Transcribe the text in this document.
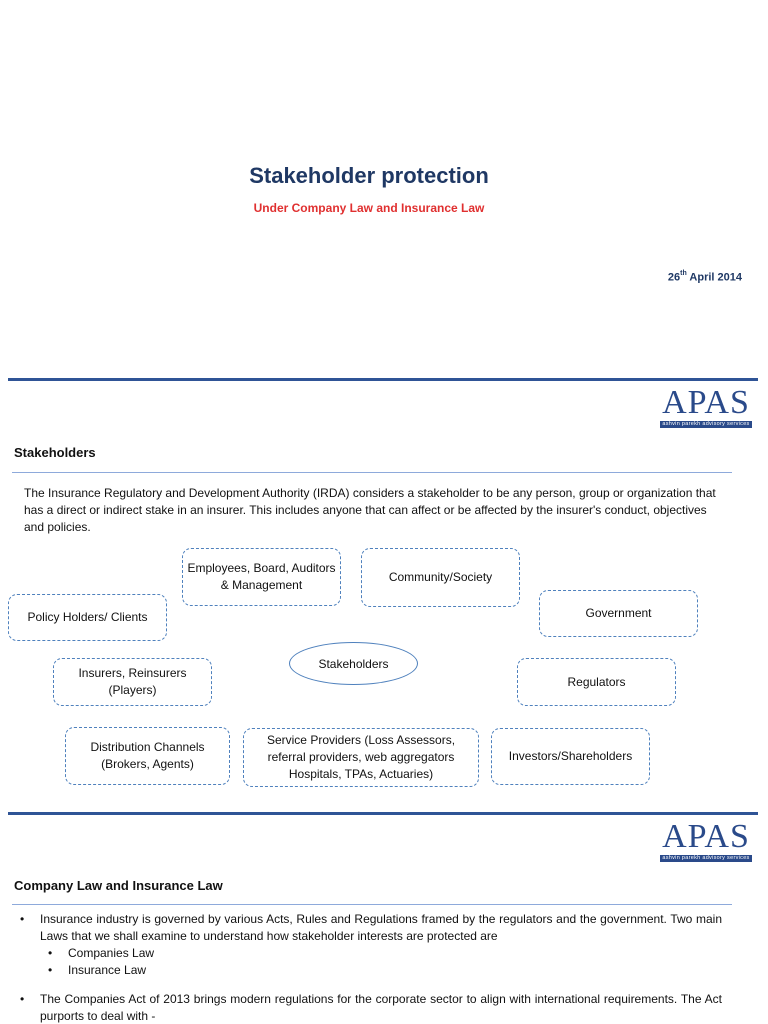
Stakeholder protection
Under Company Law and Insurance Law
26th April 2014
APAS
ashvin parekh advisory services
Stakeholders
The Insurance Regulatory and Development Authority (IRDA) considers a stakeholder to be any person, group or organization that has a direct or indirect stake in an insurer. This includes anyone that can affect or be affected by the insurer's conduct, objectives and policies.
Employees, Board, Auditors & Management
Community/Society
Policy Holders/ Clients	Government
Stakeholders
Insurers, Reinsurers (Players)
Regulators
Distribution Channels (Brokers, Agents)
Service Providers (Loss Assessors, referral providers, web aggregators Hospitals, TPAs, Actuaries)
Investors/Shareholders
APAS
ashvin parekh advisory services
Company Law and Insurance Law
• Insurance industry is governed by various Acts, Rules and Regulations framed by the regulators and the government. Two main Laws that we shall examine to understand how stakeholder interests are protected are
• Companies Law
• Insurance Law
• The Companies Act of 2013 brings modern regulations for the corporate sector to align with international requirements. The Act purports to deal with -
